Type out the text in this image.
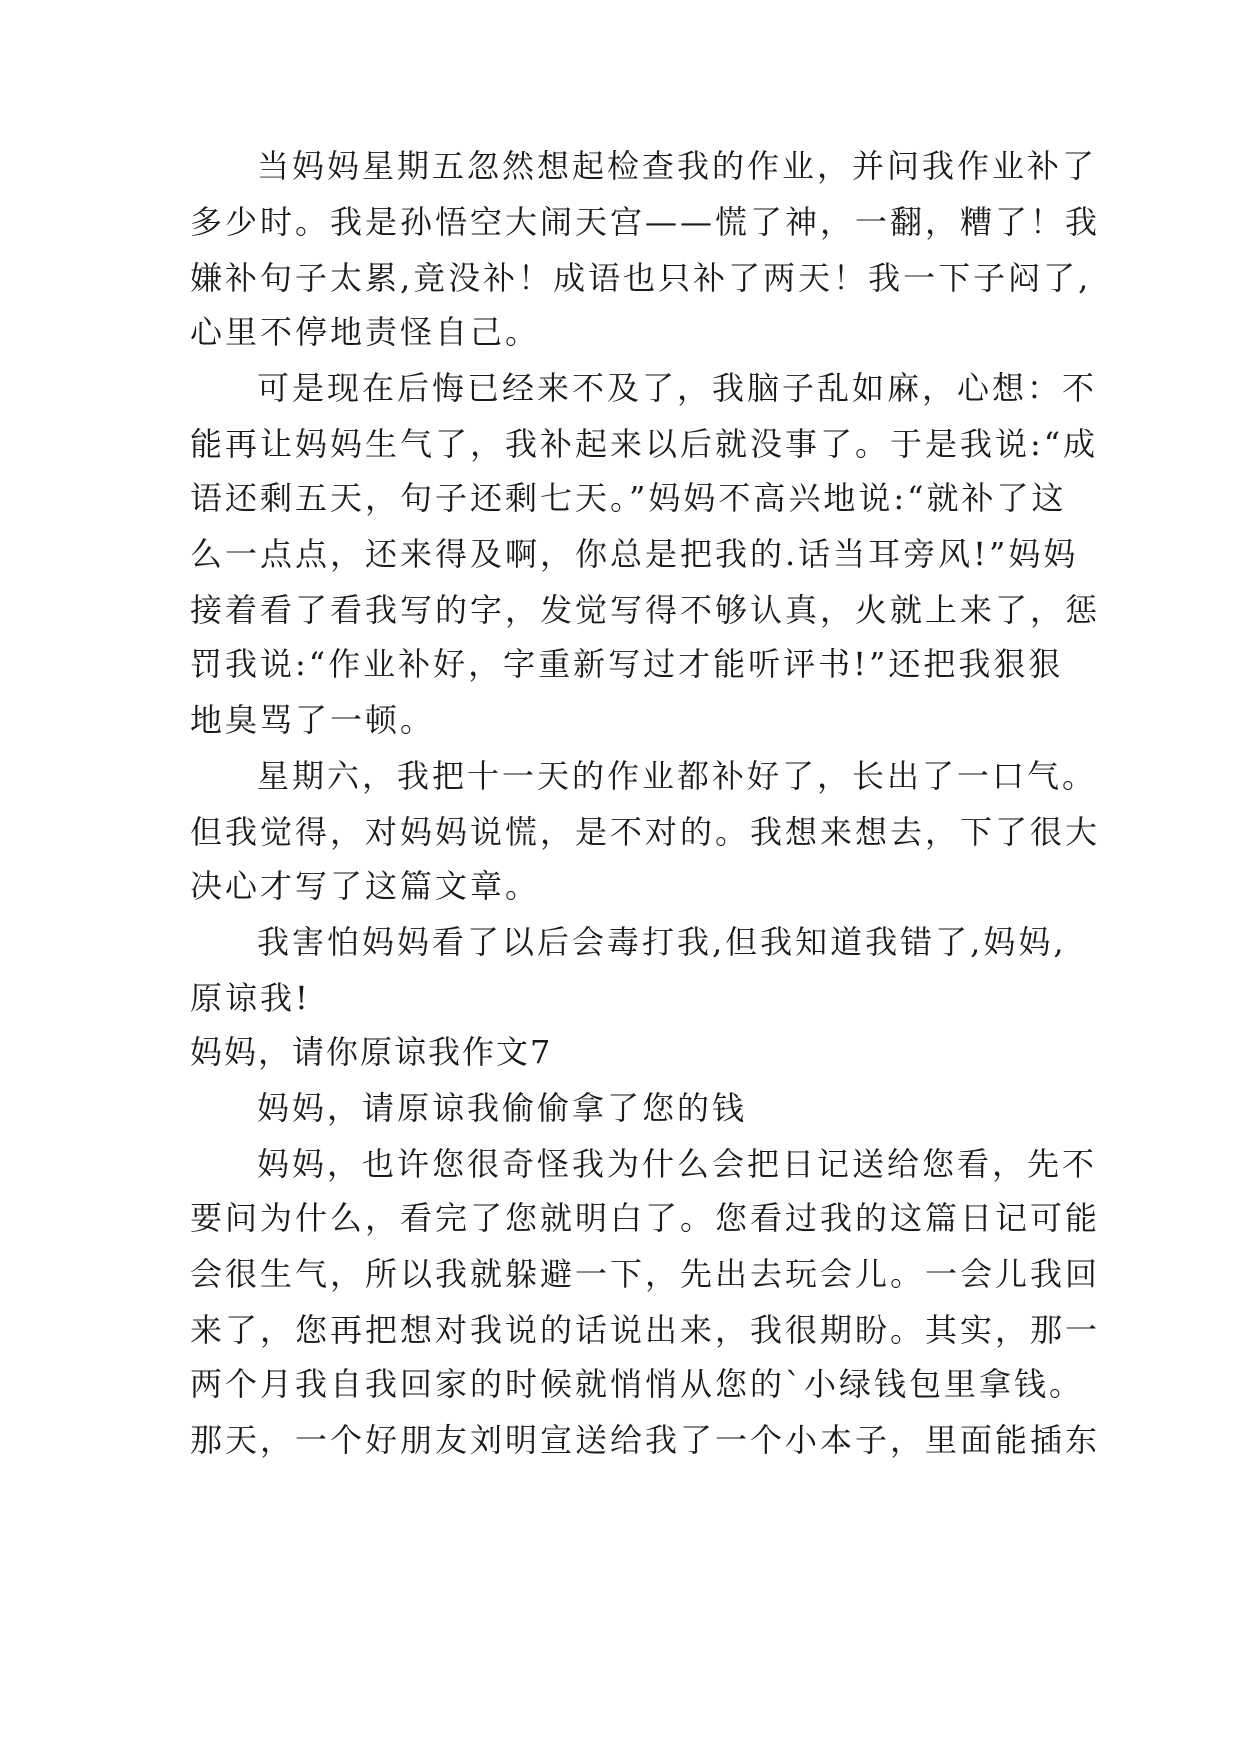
当妈妈星期五忽然想起检查我的作业，并问我作业补了
多少时。我是孙悟空大闹天宫——慌了神，一翻，糟了！我
嫌补句子太累,竟没补！成语也只补了两天！我一下子闷了,
心里不停地责怪自己。
可是现在后悔已经来不及了，我脑子乱如麻，心想：不
能再让妈妈生气了，我补起来以后就没事了。于是我说:“成
语还剩五天，句子还剩七天。”妈妈不高兴地说:“就补了这
么一点点，还来得及啊，你总是把我的.话当耳旁风!”妈妈
接着看了看我写的字，发觉写得不够认真，火就上来了，惩
罚我说:“作业补好，字重新写过才能听评书!”还把我狠狠
地臭骂了一顿。
星期六，我把十一天的作业都补好了，长出了一口气。
但我觉得，对妈妈说慌，是不对的。我想来想去，下了很大
决心才写了这篇文章。
我害怕妈妈看了以后会毒打我,但我知道我错了,妈妈,
原谅我!
妈妈，请你原谅我作文7
妈妈，请原谅我偷偷拿了您的钱
妈妈，也许您很奇怪我为什么会把日记送给您看，先不
要问为什么，看完了您就明白了。您看过我的这篇日记可能
会很生气，所以我就躲避一下，先出去玩会儿。一会儿我回
来了，您再把想对我说的话说出来，我很期盼。其实，那一
两个月我自我回家的时候就悄悄从您的`小绿钱包里拿钱。
那天，一个好朋友刘明宣送给我了一个小本子，里面能插东
